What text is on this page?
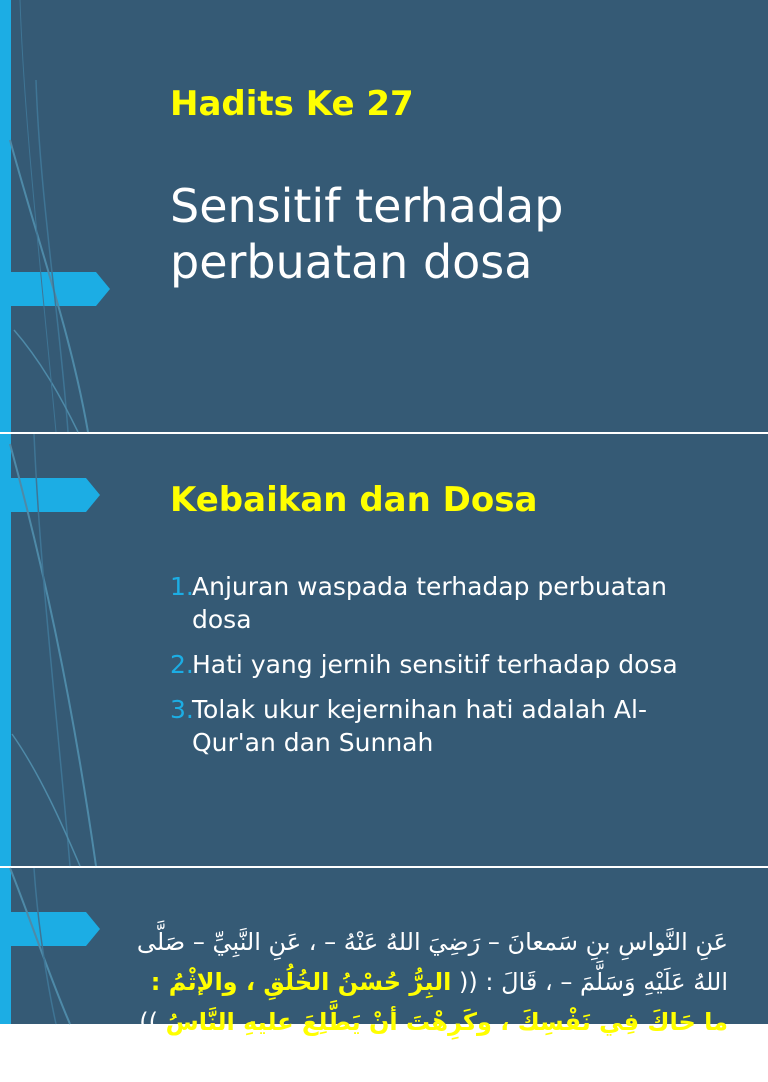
Hadits Ke 27
Sensitif terhadap perbuatan dosa
Kebaikan dan Dosa
1.
Anjuran waspada terhadap perbuatan dosa
2.
Hati yang jernih sensitif terhadap dosa
3.
Tolak ukur kejernihan hati adalah Al-Qur'an dan Sunnah
عَنِ النَّواسِ بنِ سَمعانَ – رَضِيَ اللهُ عَنْهُ – ، عَنِ النَّبِيِّ – صَلَّى اللهُ عَلَيْهِ وَسَلَّمَ – ، قَالَ : (( البِرُّ حُسْنُ الخُلُقِ ، والإثْمُ : ما حَاكَ فِي نَفْسِكَ ، وكَرِهْتَ أنْ يَطَّلِعَ عليهِ النَّاسُ )) . رواهُ مسلمٌ
